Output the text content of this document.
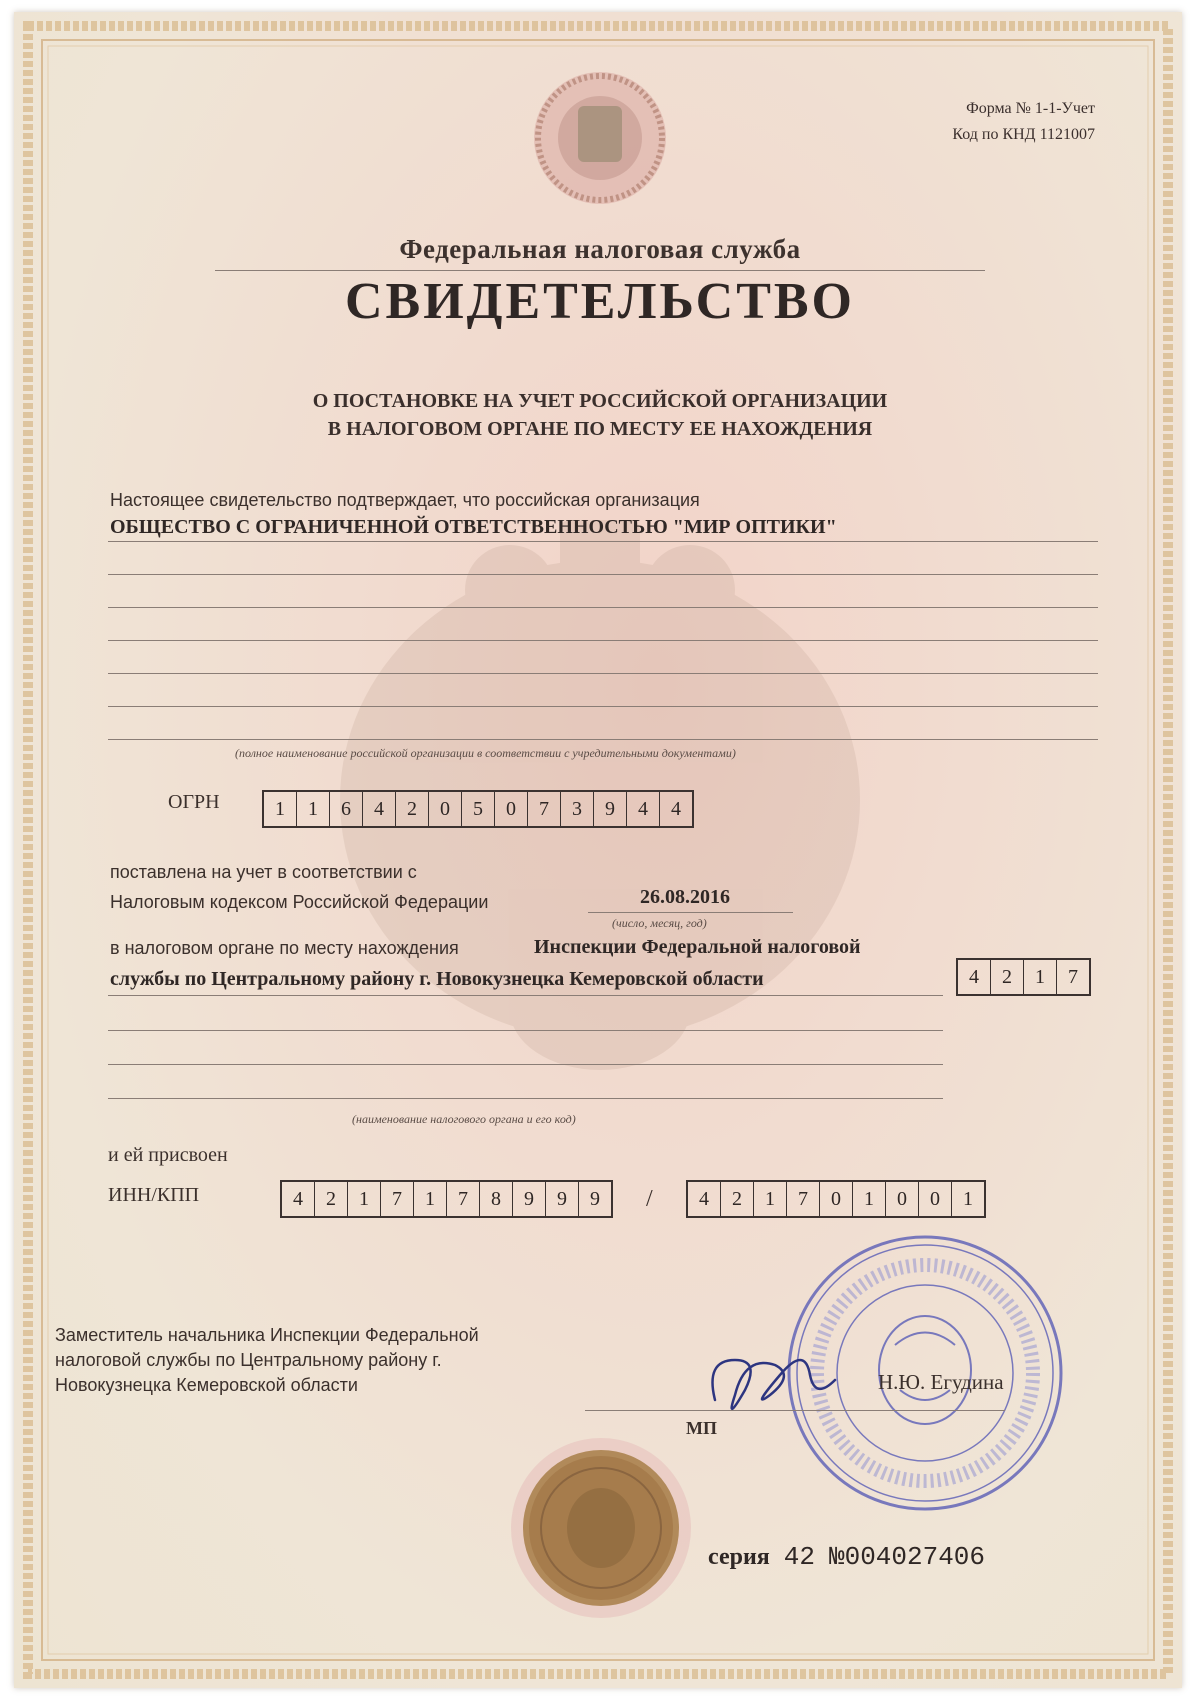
Форма № 1-1-Учет
Код по КНД 1121007
Федеральная налоговая служба
СВИДЕТЕЛЬСТВО
О ПОСТАНОВКЕ НА УЧЕТ РОССИЙСКОЙ ОРГАНИЗАЦИИ
В НАЛОГОВОМ ОРГАНЕ ПО МЕСТУ ЕЕ НАХОЖДЕНИЯ
Настоящее свидетельство подтверждает, что российская организация
ОБЩЕСТВО С ОГРАНИЧЕННОЙ ОТВЕТСТВЕННОСТЬЮ "МИР ОПТИКИ"
(полное наименование российской организации в соответствии с учредительными документами)
ОГРН	1	1	6	4	2	0	5	0	7	3	9	4	4
поставлена на учет в соответствии с
Налоговым кодексом Российской Федерации	26.08.2016
(число, месяц, год)
в налоговом органе по месту нахождения	Инспекции Федеральной налоговой
службы по Центральному району г. Новокузнецка Кемеровской области	4	2	1	7
(наименование налогового органа и его код)
и ей присвоен
ИНН/КПП	4	2	1	7	1	7	8	9	9	9	/	4	2	1	7	0	1	0	0	1
Заместитель начальника Инспекции Федеральной
налоговой службы по Центральному району г.
Новокузнецка Кемеровской области	Н.Ю. Егудина
МП
серия 42 №004027406
